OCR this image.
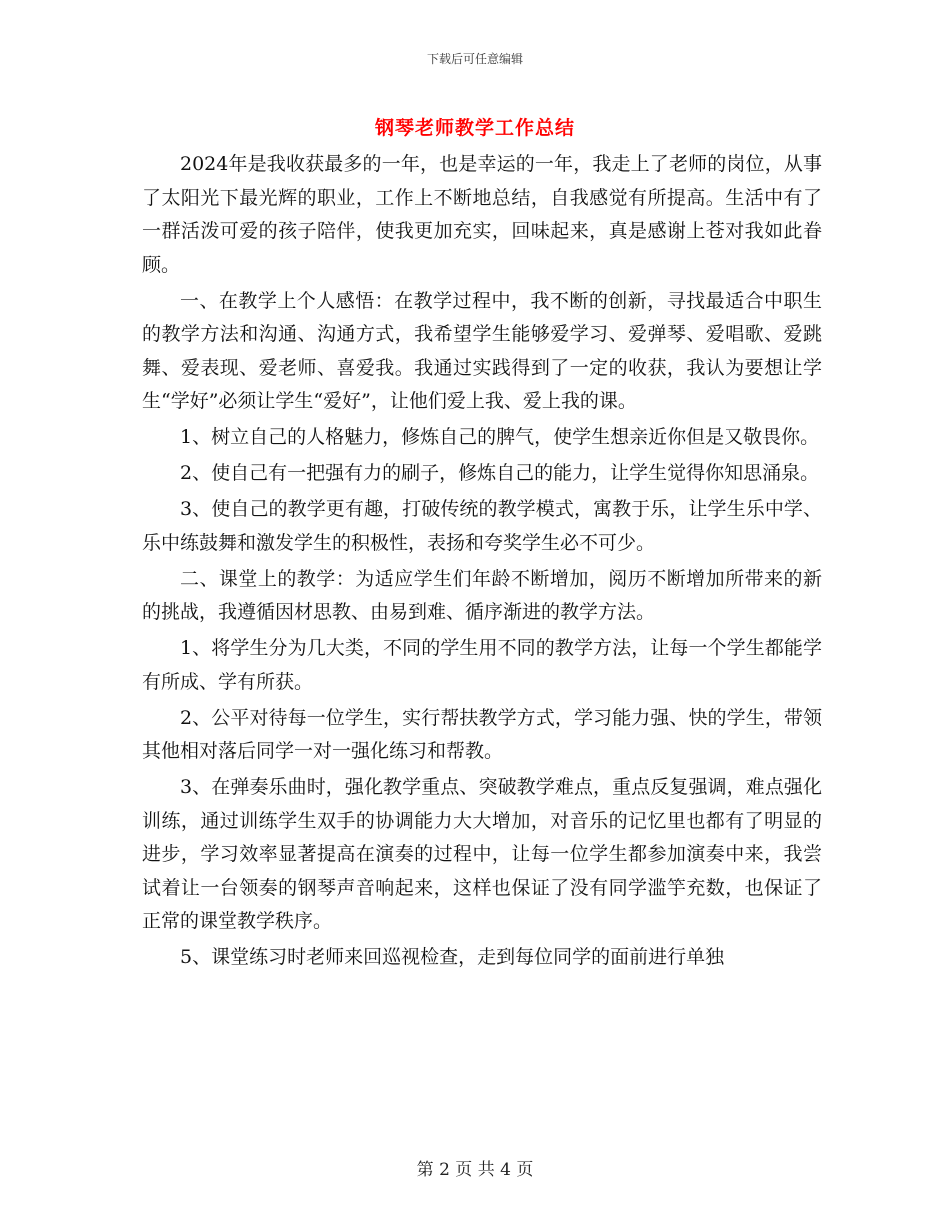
下载后可任意编辑
钢琴老师教学工作总结

2024年是我收获最多的一年，也是幸运的一年，我走上了老师的岗位，从事了太阳光下最光辉的职业，工作上不断地总结，自我感觉有所提高。生活中有了一群活泼可爱的孩子陪伴，使我更加充实，回味起来，真是感谢上苍对我如此眷顾。

一、在教学上个人感悟：在教学过程中，我不断的创新，寻找最适合中职生的教学方法和沟通、沟通方式，我希望学生能够爱学习、爱弹琴、爱唱歌、爱跳舞、爱表现、爱老师、喜爱我。我通过实践得到了一定的收获，我认为要想让学生“学好”必须让学生“爱好”，让他们爱上我、爱上我的课。

1、树立自己的人格魅力，修炼自己的脾气，使学生想亲近你但是又敬畏你。

2、使自己有一把强有力的刷子，修炼自己的能力，让学生觉得你知思涌泉。

3、使自己的教学更有趣，打破传统的教学模式，寓教于乐，让学生乐中学、乐中练鼓舞和激发学生的积极性，表扬和夸奖学生必不可少。

二、课堂上的教学：为适应学生们年龄不断增加，阅历不断增加所带来的新的挑战，我遵循因材思教、由易到难、循序渐进的教学方法。

1、将学生分为几大类，不同的学生用不同的教学方法，让每一个学生都能学有所成、学有所获。

2、公平对待每一位学生，实行帮扶教学方式，学习能力强、快的学生，带领其他相对落后同学一对一强化练习和帮教。

3、在弹奏乐曲时，强化教学重点、突破教学难点，重点反复强调，难点强化训练，通过训练学生双手的协调能力大大增加，对音乐的记忆里也都有了明显的进步，学习效率显著提高在演奏的过程中，让每一位学生都参加演奏中来，我尝试着让一台领奏的钢琴声音响起来，这样也保证了没有同学滥竽充数，也保证了正常的课堂教学秩序。

5、课堂练习时老师来回巡视检查，走到每位同学的面前进行单独

第 2 页 共 4 页
